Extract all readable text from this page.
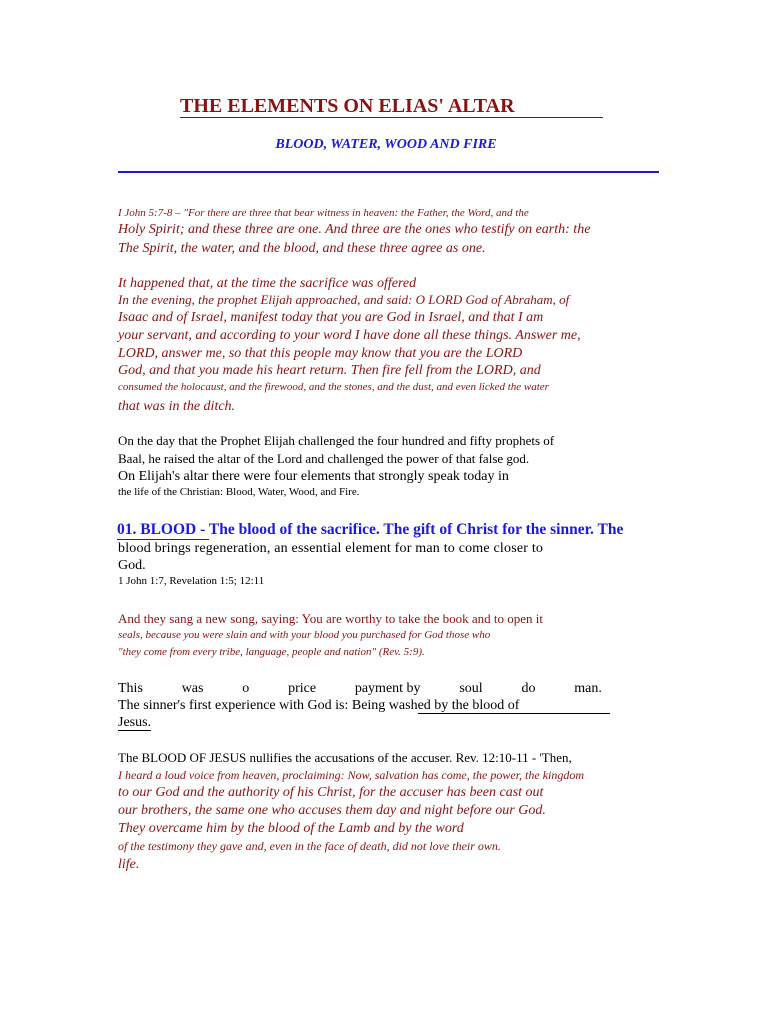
THE ELEMENTS ON ELIAS' ALTAR
BLOOD, WATER, WOOD AND FIRE
I John 5:7-8 – "For there are three that bear witness in heaven: the Father, the Word, and the
Holy Spirit; and these three are one. And three are the ones who testify on earth: the
The Spirit, the water, and the blood, and these three agree as one.
It happened that, at the time the sacrifice was offered
In the evening, the prophet Elijah approached, and said: O LORD God of Abraham, of
Isaac and of Israel, manifest today that you are God in Israel, and that I am
your servant, and according to your word I have done all these things. Answer me,
LORD, answer me, so that this people may know that you are the LORD
God, and that you made his heart return. Then fire fell from the LORD, and
consumed the holocaust, and the firewood, and the stones, and the dust, and even licked the water
that was in the ditch.
On the day that the Prophet Elijah challenged the four hundred and fifty prophets of
Baal, he raised the altar of the Lord and challenged the power of that false god.
On Elijah's altar there were four elements that strongly speak today in
the life of the Christian: Blood, Water, Wood, and Fire.
01. BLOOD - The blood of the sacrifice. The gift of Christ for the sinner. The
blood brings regeneration, an essential element for man to come closer to
God.
1 John 1:7, Revelation 1:5; 12:11
And they sang a new song, saying: You are worthy to take the book and to open it
seals, because you were slain and with your blood you purchased for God those who
"they come from every tribe, language, people and nation" (Rev. 5:9).
This	was	o	price	payment by	soul	do	man.
The sinner's first experience with God is: Being washed by the blood of
Jesus.
The BLOOD OF JESUS nullifies the accusations of the accuser. Rev. 12:10-11 - 'Then,
I heard a loud voice from heaven, proclaiming: Now, salvation has come, the power, the kingdom
to our God and the authority of his Christ, for the accuser has been cast out
our brothers, the same one who accuses them day and night before our God.
They overcame him by the blood of the Lamb and by the word
of the testimony they gave and, even in the face of death, did not love their own.
life.
